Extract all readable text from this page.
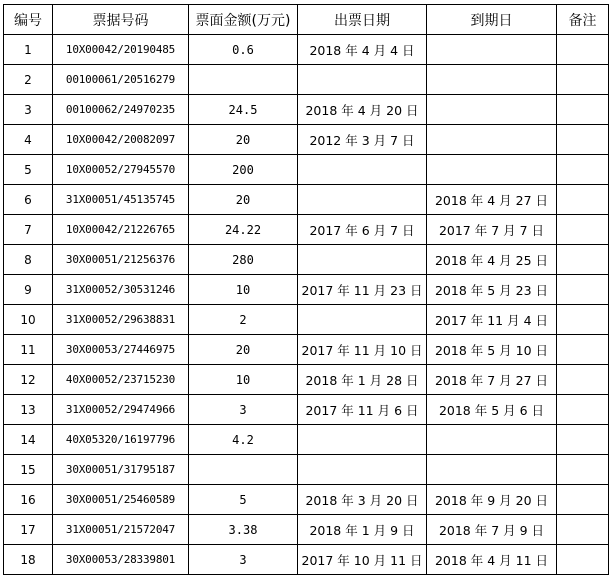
编号	票据号码	票面金额(万元)	出票日期	到期日	备注
1	10X00042/20190485	0.6	2018 年 4 月 4 日		
2	00100061/20516279				
3	00100062/24970235	24.5	2018 年 4 月 20 日		
4	10X00042/20082097	20	2012 年 3 月 7 日		
5	10X00052/27945570	200			
6	31X00051/45135745	20		2018 年 4 月 27 日	
7	10X00042/21226765	24.22	2017 年 6 月 7 日	2017 年 7 月 7 日	
8	30X00051/21256376	280		2018 年 4 月 25 日	
9	31X00052/30531246	10	2017 年 11 月 23 日	2018 年 5 月 23 日	
10	31X00052/29638831	2		2017 年 11 月 4 日	
11	30X00053/27446975	20	2017 年 11 月 10 日	2018 年 5 月 10 日	
12	40X00052/23715230	10	2018 年 1 月 28 日	2018 年 7 月 27 日	
13	31X00052/29474966	3	2017 年 11 月 6 日	2018 年 5 月 6 日	
14	40X05320/16197796	4.2			
15	30X00051/31795187				
16	30X00051/25460589	5	2018 年 3 月 20 日	2018 年 9 月 20 日	
17	31X00051/21572047	3.38	2018 年 1 月 9 日	2018 年 7 月 9 日	
18	30X00053/28339801	3	2017 年 10 月 11 日	2018 年 4 月 11 日	
